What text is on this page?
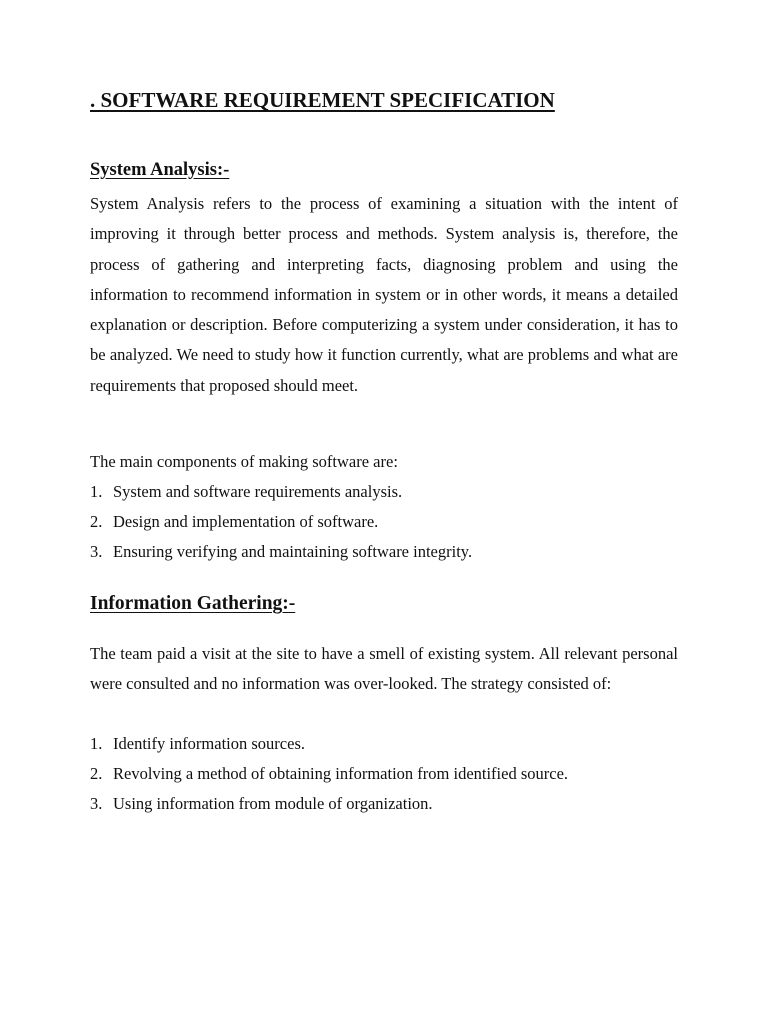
. SOFTWARE REQUIREMENT SPECIFICATION
System Analysis:-

System Analysis refers to the process of examining a situation with the intent of improving it through better process and methods. System analysis is, therefore, the process of gathering and interpreting facts, diagnosing problem and using the information to recommend information in system or in other words, it means a detailed explanation or description. Before computerizing a system under consideration, it has to be analyzed. We need to study how it function currently, what are problems and what are requirements that proposed should meet.

The main components of making software are:

1. System and software requirements analysis.
2. Design and implementation of software.
3. Ensuring verifying and maintaining software integrity.
Information Gathering:-

The team paid a visit at the site to have a smell of existing system. All relevant personal were consulted and no information was over-looked. The strategy consisted of:

1. Identify information sources.
2. Revolving a method of obtaining information from identified source.
3. Using information from module of organization.
